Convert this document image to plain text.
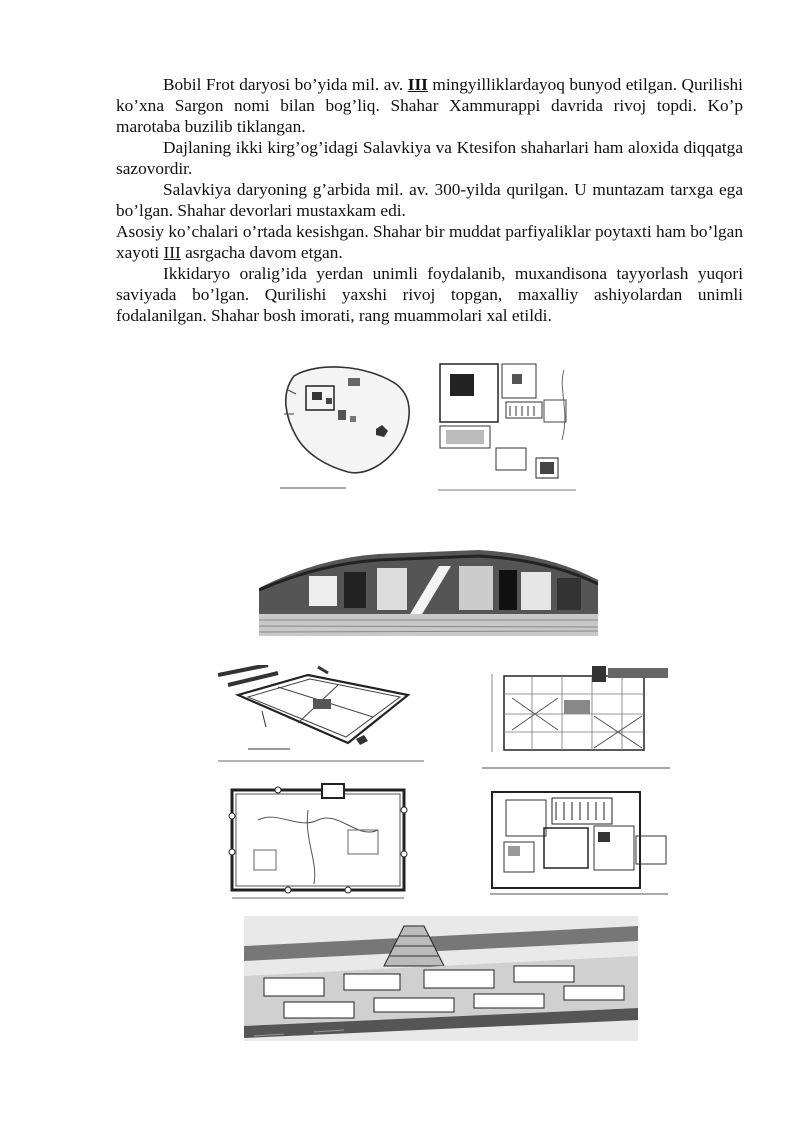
Bobil Frot daryosi bo’yida mil. av. III mingyilliklardayoq bunyod etilgan. Qurilishi ko’xna Sargon nomi bilan bog’liq. Shahar Xammurappi davrida rivoj topdi. Ko’p marotaba buzilib tiklangan.

Dajlaning ikki kirg’og’idagi Salavkiya va Ktesifon shaharlari ham aloxida diqqatga sazovordir.

Salavkiya daryoning g’arbida mil. av. 300-yilda qurilgan. U muntazam tarxga ega bo’lgan. Shahar devorlari mustaxkam edi.

Asosiy ko’chalari o’rtada kesishgan. Shahar bir muddat parfiyaliklar poytaxti ham bo’lgan xayoti III asrgacha davom etgan.

Ikkidaryo oralig’ida yerdan unimli foydalanib, muxandisona tayyorlash yuqori saviyada bo’lgan. Qurilishi yaxshi rivoj topgan, maxalliy ashiyolardan unimli fodalanilgan. Shahar bosh imorati, rang muammolari xal etildi.
